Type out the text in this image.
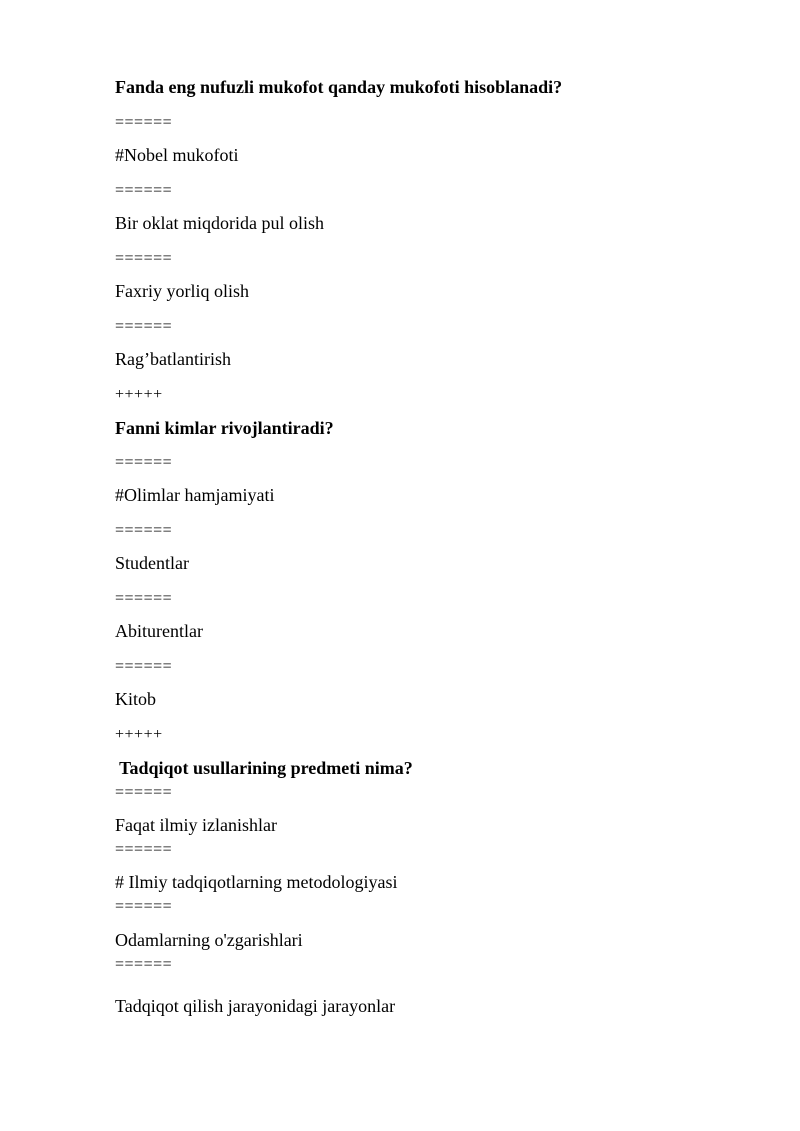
Fanda eng nufuzli mukofot qanday mukofoti hisoblanadi?
======
#Nobel mukofoti
======
Bir oklat miqdorida pul olish
======
Faxriy yorliq olish
======
Rag’batlantirish
+++++
Fanni kimlar rivojlantiradi?
======
#Olimlar hamjamiyati
======
Studentlar
======
Abiturentlar
======
Kitob
+++++
Tadqiqot usullarining predmeti nima?
======
Faqat ilmiy izlanishlar
======
# Ilmiy tadqiqotlarning metodologiyasi
======
Odamlarning o'zgarishlari
======
Tadqiqot qilish jarayonidagi jarayonlar
